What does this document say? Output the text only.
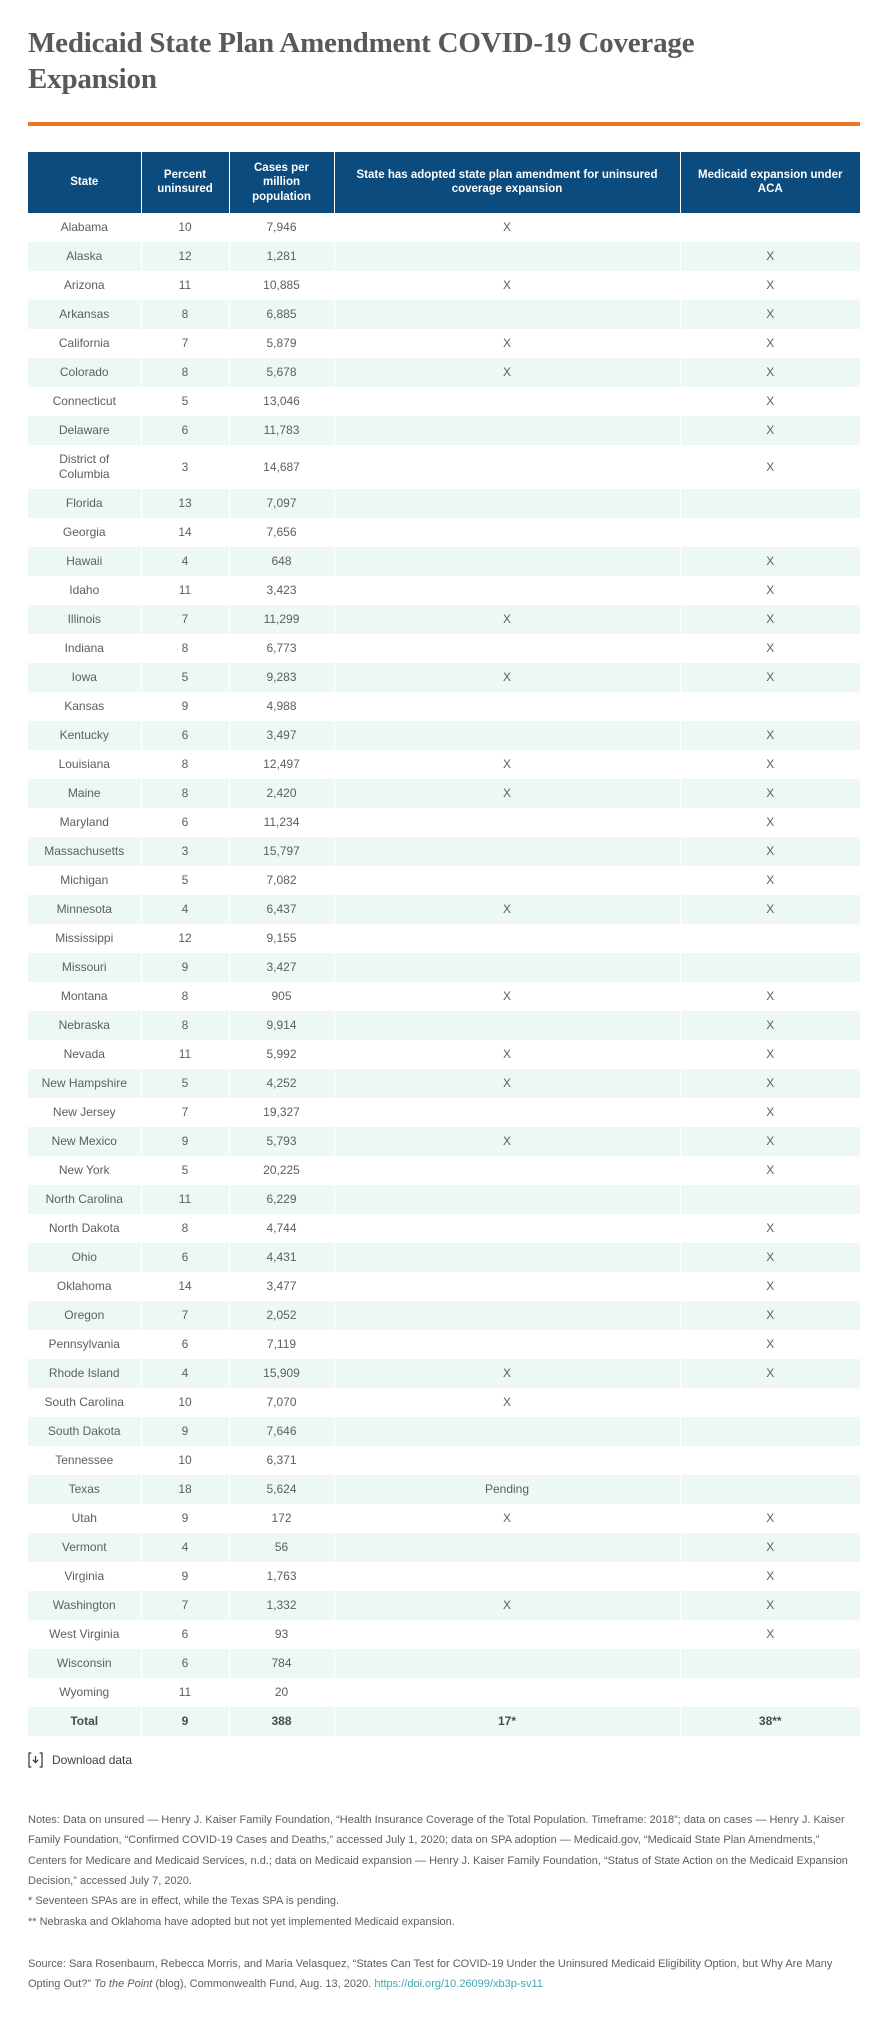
Medicaid State Plan Amendment COVID-19 Coverage Expansion
State	Percent uninsured	Cases per million population	State has adopted state plan amendment for uninsured coverage expansion	Medicaid expansion under ACA
Alabama	10	7,946	X	
Alaska	12	1,281		X
Arizona	11	10,885	X	X
Arkansas	8	6,885		X
California	7	5,879	X	X
Colorado	8	5,678	X	X
Connecticut	5	13,046		X
Delaware	6	11,783		X
District of Columbia	3	14,687		X
Florida	13	7,097		
Georgia	14	7,656		
Hawaii	4	648		X
Idaho	11	3,423		X
Illinois	7	11,299	X	X
Indiana	8	6,773		X
Iowa	5	9,283	X	X
Kansas	9	4,988		
Kentucky	6	3,497		X
Louisiana	8	12,497	X	X
Maine	8	2,420	X	X
Maryland	6	11,234		X
Massachusetts	3	15,797		X
Michigan	5	7,082		X
Minnesota	4	6,437	X	X
Mississippi	12	9,155		
Missouri	9	3,427		
Montana	8	905	X	X
Nebraska	8	9,914		X
Nevada	11	5,992	X	X
New Hampshire	5	4,252	X	X
New Jersey	7	19,327		X
New Mexico	9	5,793	X	X
New York	5	20,225		X
North Carolina	11	6,229		
North Dakota	8	4,744		X
Ohio	6	4,431		X
Oklahoma	14	3,477		X
Oregon	7	2,052		X
Pennsylvania	6	7,119		X
Rhode Island	4	15,909	X	X
South Carolina	10	7,070	X	
South Dakota	9	7,646		
Tennessee	10	6,371		
Texas	18	5,624	Pending	
Utah	9	172	X	X
Vermont	4	56		X
Virginia	9	1,763		X
Washington	7	1,332	X	X
West Virginia	6	93		X
Wisconsin	6	784		
Wyoming	11	20		
Total	9	388	17*	38**
Download data

Notes: Data on unsured — Henry J. Kaiser Family Foundation, “Health Insurance Coverage of the Total Population. Timeframe: 2018”; data on cases — Henry J. Kaiser Family Foundation, “Confirmed COVID-19 Cases and Deaths,” accessed July 1, 2020; data on SPA adoption — Medicaid.gov, “Medicaid State Plan Amendments,” Centers for Medicare and Medicaid Services, n.d.; data on Medicaid expansion — Henry J. Kaiser Family Foundation, “Status of State Action on the Medicaid Expansion Decision,” accessed July 7, 2020.

* Seventeen SPAs are in effect, while the Texas SPA is pending.

** Nebraska and Oklahoma have adopted but not yet implemented Medicaid expansion.

Source: Sara Rosenbaum, Rebecca Morris, and Maria Velasquez, “States Can Test for COVID-19 Under the Uninsured Medicaid Eligibility Option, but Why Are Many Opting Out?” To the Point (blog), Commonwealth Fund, Aug. 13, 2020. https://doi.org/10.26099/xb3p-sv11
